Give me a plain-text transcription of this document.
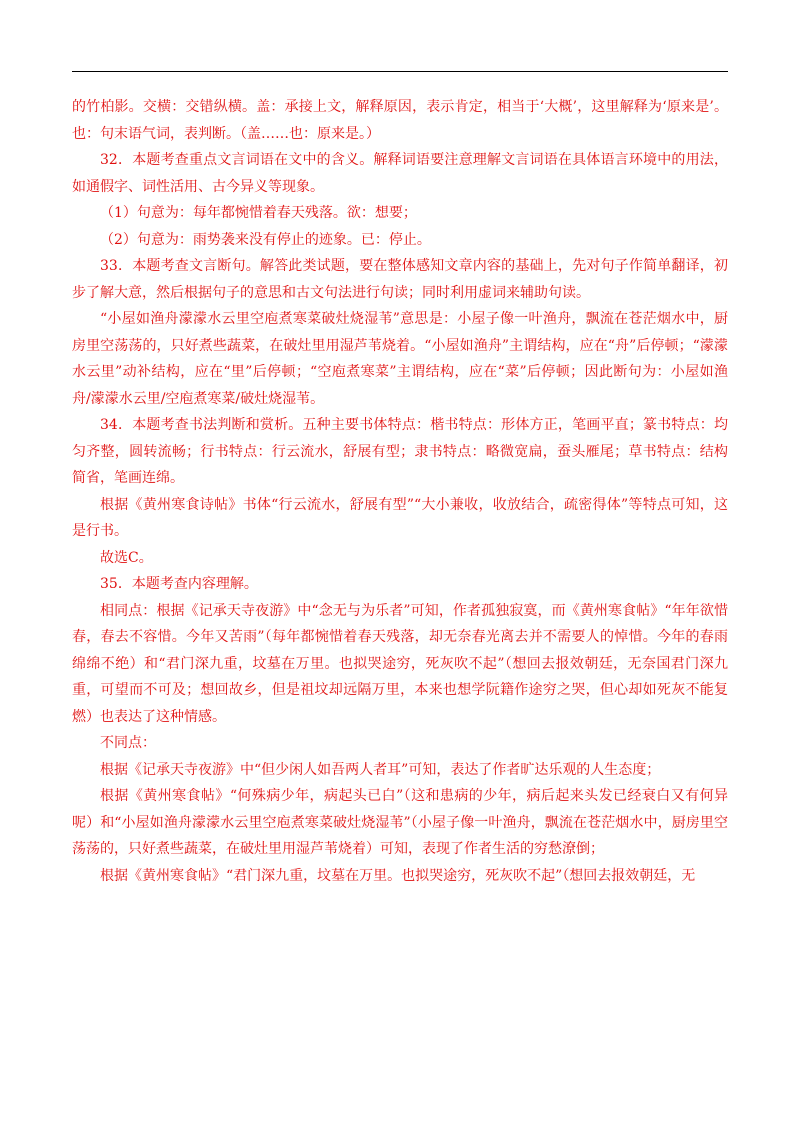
的竹柏影。交横：交错纵横。盖：承接上文，解释原因，表示肯定，相当于‘大概’，这里解释为‘原来是’。也：句末语气词，表判断。（盖……也：原来是。）

32．本题考查重点文言词语在文中的含义。解释词语要注意理解文言词语在具体语言环境中的用法，如通假字、词性活用、古今异义等现象。

（1）句意为：每年都惋惜着春天残落。欲：想要；

（2）句意为：雨势袭来没有停止的迹象。已：停止。

33．本题考查文言断句。解答此类试题，要在整体感知文章内容的基础上，先对句子作简单翻译，初步了解大意，然后根据句子的意思和古文句法进行句读；同时利用虚词来辅助句读。

“小屋如渔舟濛濛水云里空庖煮寒菜破灶烧湿苇”意思是：小屋子像一叶渔舟，飘流在苍茫烟水中，厨房里空荡荡的，只好煮些蔬菜，在破灶里用湿芦苇烧着。“小屋如渔舟”主谓结构，应在“舟”后停顿；“濛濛水云里”动补结构，应在“里”后停顿；“空庖煮寒菜”主谓结构，应在“菜”后停顿；因此断句为：小屋如渔舟/濛濛水云里/空庖煮寒菜/破灶烧湿苇。

34．本题考查书法判断和赏析。五种主要书体特点：楷书特点：形体方正，笔画平直；篆书特点：均匀齐整，圆转流畅；行书特点：行云流水，舒展有型；隶书特点：略微宽扁，蚕头雁尾；草书特点：结构简省，笔画连绵。

根据《黄州寒食诗帖》书体“行云流水，舒展有型”“大小兼收，收放结合，疏密得体”等特点可知，这是行书。

故选C。

35．本题考查内容理解。

相同点：根据《记承天寺夜游》中“念无与为乐者”可知，作者孤独寂寞，而《黄州寒食帖》“年年欲惜春，春去不容惜。今年又苦雨”（每年都惋惜着春天残落，却无奈春光离去并不需要人的悼惜。今年的春雨绵绵不绝）和“君门深九重，坟墓在万里。也拟哭途穷，死灰吹不起”（想回去报效朝廷，无奈国君门深九重，可望而不可及；想回故乡，但是祖坟却远隔万里，本来也想学阮籍作途穷之哭，但心却如死灰不能复燃）也表达了这种情感。

不同点：

根据《记承天寺夜游》中“但少闲人如吾两人者耳”可知，表达了作者旷达乐观的人生态度；

根据《黄州寒食帖》“何殊病少年，病起头已白”（这和患病的少年，病后起来头发已经衰白又有何异呢）和“小屋如渔舟濛濛水云里空庖煮寒菜破灶烧湿苇”（小屋子像一叶渔舟，飘流在苍茫烟水中，厨房里空荡荡的，只好煮些蔬菜，在破灶里用湿芦苇烧着）可知，表现了作者生活的穷愁潦倒；

根据《黄州寒食帖》“君门深九重，坟墓在万里。也拟哭途穷，死灰吹不起”（想回去报效朝廷，无
